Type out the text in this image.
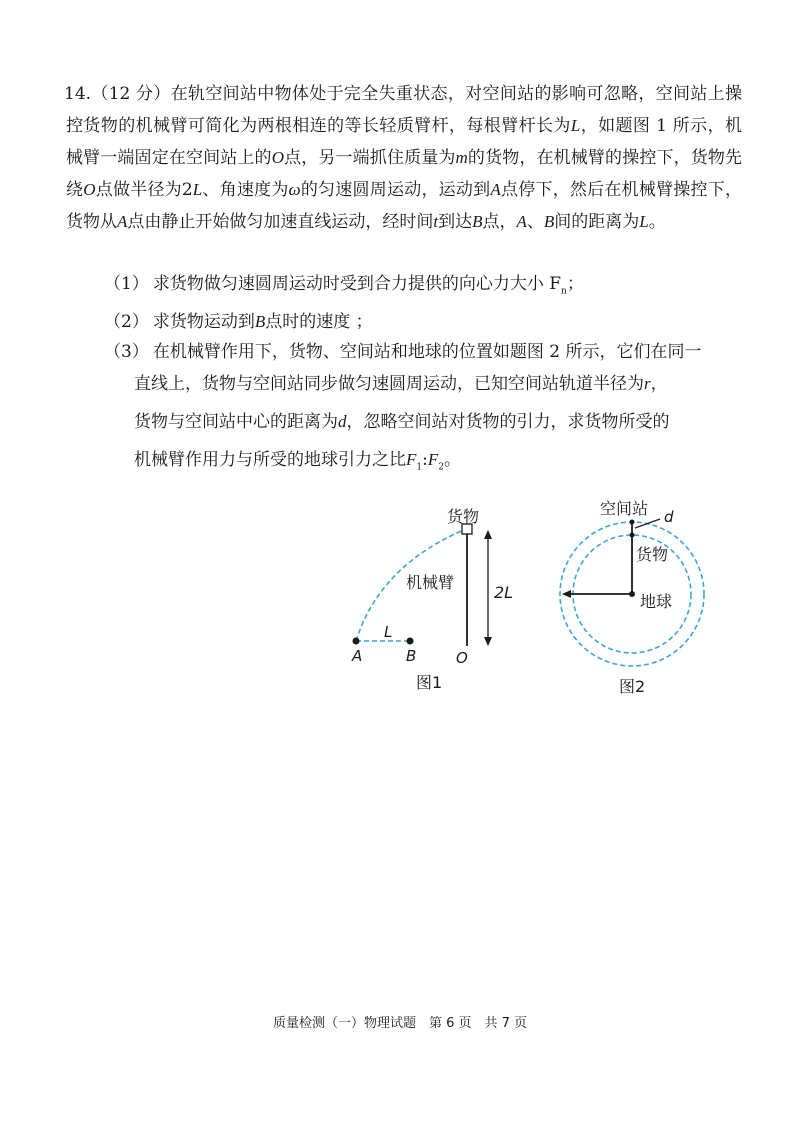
14.（12 分）在轨空间站中物体处于完全失重状态，对空间站的影响可忽略，空间站上操控货物的机械臂可简化为两根相连的等长轻质臂杆，每根臂杆长为L，如题图 1 所示，机械臂一端固定在空间站上的O点，另一端抓住质量为m的货物，在机械臂的操控下，货物先绕O点做半径为2L、角速度为ω的匀速圆周运动，运动到A点停下，然后在机械臂操控下，货物从A点由静止开始做匀加速直线运动，经时间t到达B点，A、B间的距离为L。

（1） 求货物做匀速圆周运动时受到合力提供的向心力大小 $F_n$；
（2） 求货物运动到B点时的速度 ；
（3） 在机械臂作用下，货物、空间站和地球的位置如题图 2 所示，它们在同一
直线上，货物与空间站同步做匀速圆周运动，已知空间站轨道半径为r，
货物与空间站中心的距离为d，忽略空间站对货物的引力，求货物所受的
机械臂作用力与所受的地球引力之比$F_1:F_2$。
货物
机械臂
2L
L
A	B	O
图1
空间站 d
货物
地球
图2
质量检测（一）物理试题　第 6 页　共 7 页
